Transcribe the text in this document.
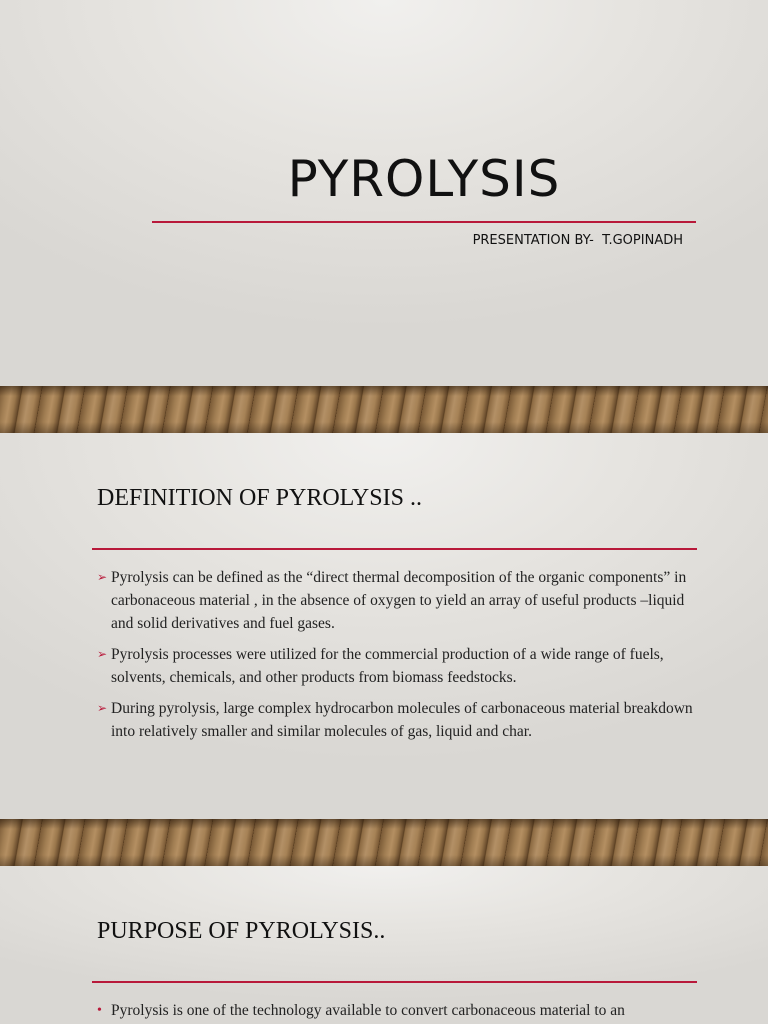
PYROLYSIS
PRESENTATION BY-  T.GOPINADH
DEFINITION OF PYROLYSIS ..
➢ Pyrolysis can be defined as the “direct thermal decomposition of the organic components” in carbonaceous material , in the absence of oxygen to yield an array of useful products –liquid and solid derivatives and fuel gases.
➢ Pyrolysis processes were utilized for the commercial production of a wide range of fuels, solvents, chemicals, and other products from biomass feedstocks.
➢ During pyrolysis, large complex hydrocarbon molecules of carbonaceous material breakdown into relatively smaller and similar molecules of gas, liquid and char.
PURPOSE OF PYROLYSIS..
• Pyrolysis is one of the technology available to convert carbonaceous material to an
